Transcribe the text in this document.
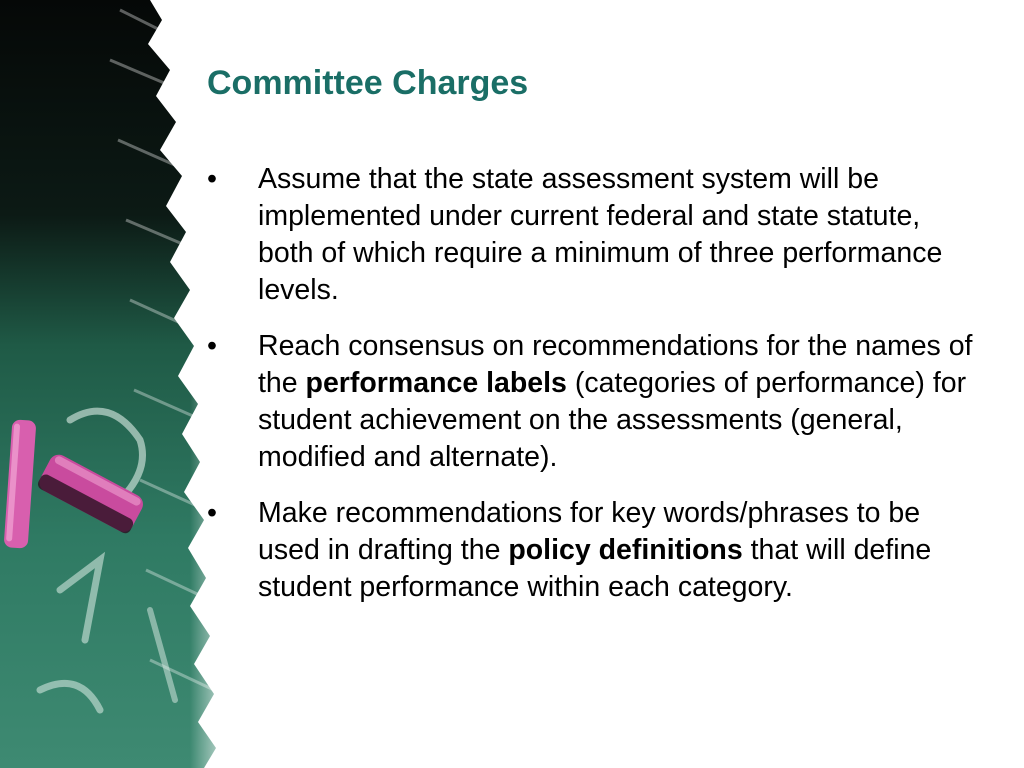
Committee Charges
•	Assume that the state assessment system will be implemented under current federal and state statute, both of which require a minimum of three performance levels.
•	Reach consensus on recommendations for the names of the performance labels (categories of performance) for student achievement on the assessments (general, modified and alternate).
•	Make recommendations for key words/phrases to be used in drafting the policy definitions that will define student performance within each category.
